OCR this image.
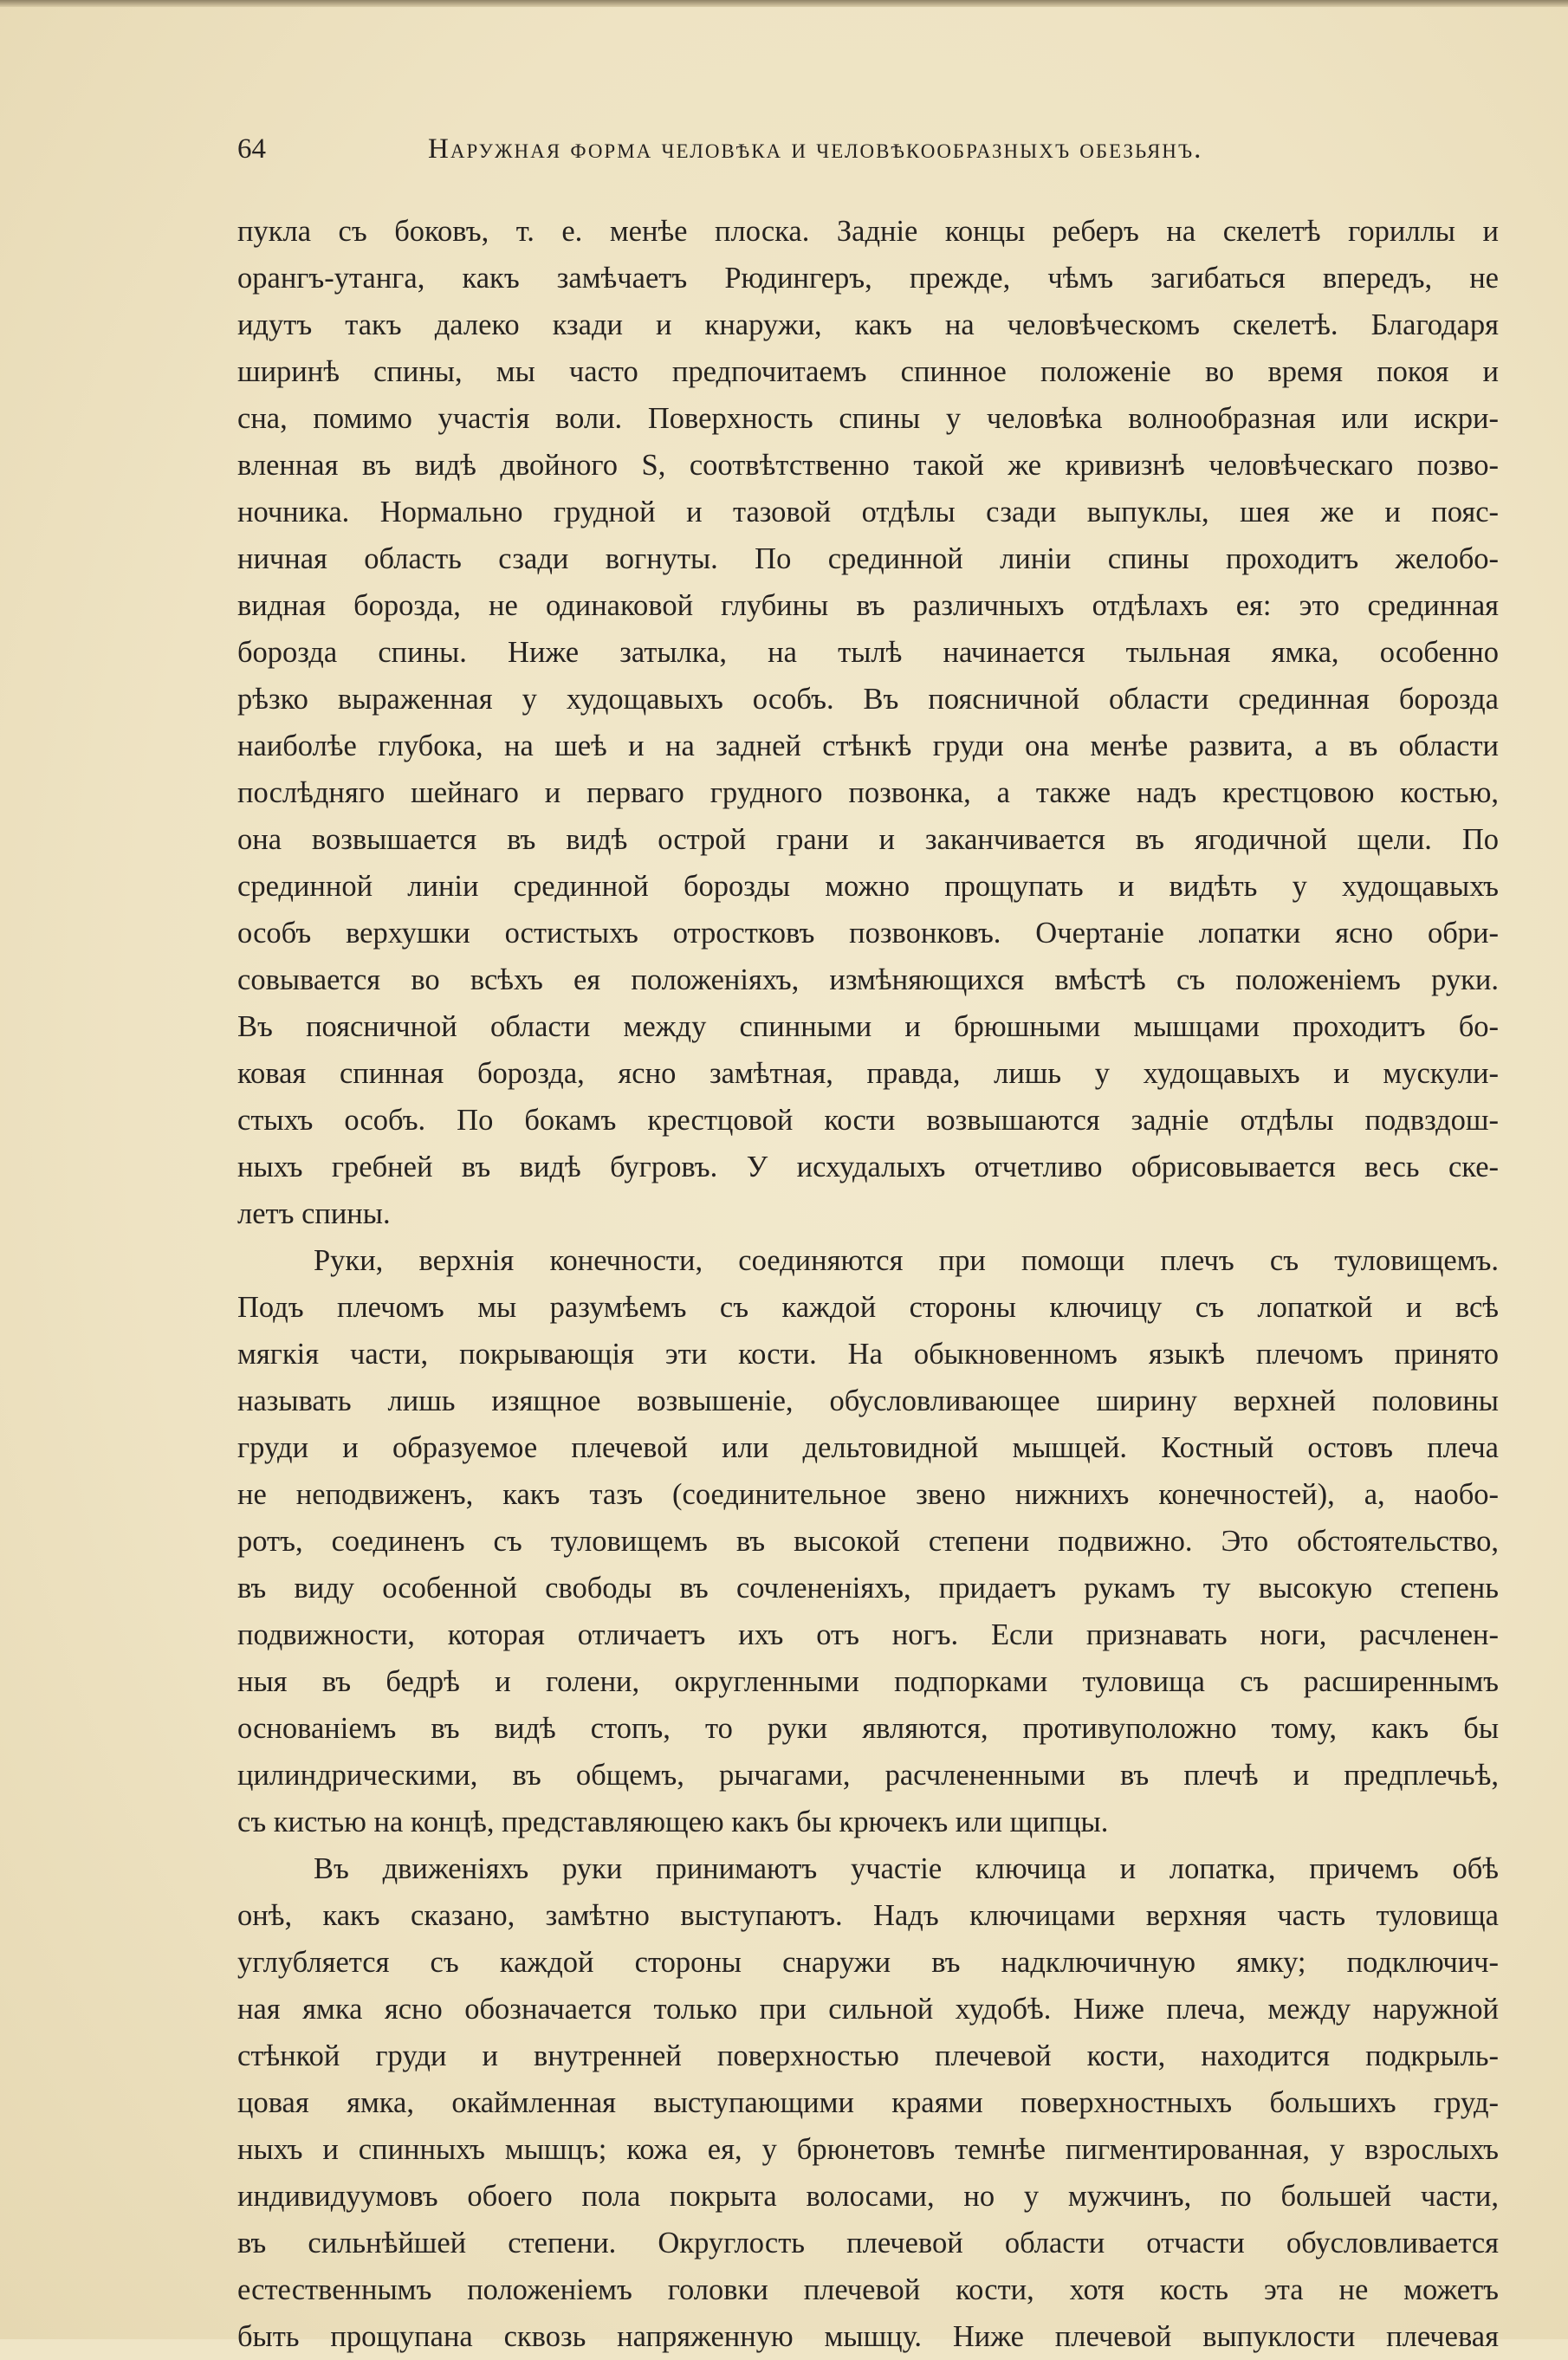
64	Наружная форма человѣка и человѣкообразныхъ обезьянъ.
пукла съ боковъ, т. е. менѣе плоска. Задніе концы реберъ на скелетѣ гориллы и
орангъ-утанга, какъ замѣчаетъ Рюдингеръ, прежде, чѣмъ загибаться впередъ, не
идутъ такъ далеко кзади и кнаружи, какъ на человѣческомъ скелетѣ. Благодаря
ширинѣ спины, мы часто предпочитаемъ спинное положеніе во время покоя и
сна, помимо участія воли. Поверхность спины у человѣка волнообразная или искри-
вленная въ видѣ двойного S, соотвѣтственно такой же кривизнѣ человѣческаго позво-
ночника. Нормально грудной и тазовой отдѣлы сзади выпуклы, шея же и пояс-
ничная область сзади вогнуты. По срединной линіи спины проходитъ желобо-
видная борозда, не одинаковой глубины въ различныхъ отдѣлахъ ея: это срединная
борозда спины. Ниже затылка, на тылѣ начинается тыльная ямка, особенно
рѣзко выраженная у худощавыхъ особъ. Въ поясничной области срединная борозда
наиболѣе глубока, на шеѣ и на задней стѣнкѣ груди она менѣе развита, а въ области
послѣдняго шейнаго и перваго грудного позвонка, а также надъ крестцовою костью,
она возвышается въ видѣ острой грани и заканчивается въ ягодичной щели. По
срединной линіи срединной борозды можно прощупать и видѣть у худощавыхъ
особъ верхушки остистыхъ отростковъ позвонковъ. Очертаніе лопатки ясно обри-
совывается во всѣхъ ея положеніяхъ, измѣняющихся вмѣстѣ съ положеніемъ руки.
Въ поясничной области между спинными и брюшными мышцами проходитъ бо-
ковая спинная борозда, ясно замѣтная, правда, лишь у худощавыхъ и мускули-
стыхъ особъ. По бокамъ крестцовой кости возвышаются задніе отдѣлы подвздош-
ныхъ гребней въ видѣ бугровъ. У исхудалыхъ отчетливо обрисовывается весь ске-
летъ спины.
Руки, верхнія конечности, соединяются при помощи плечъ съ туловищемъ.
Подъ плечомъ мы разумѣемъ съ каждой стороны ключицу съ лопаткой и всѣ
мягкія части, покрывающія эти кости. На обыкновенномъ языкѣ плечомъ принято
называть лишь изящное возвышеніе, обусловливающее ширину верхней половины
груди и образуемое плечевой или дельтовидной мышцей. Костный остовъ плеча
не неподвиженъ, какъ тазъ (соединительное звено нижнихъ конечностей), а, наобо-
ротъ, соединенъ съ туловищемъ въ высокой степени подвижно. Это обстоятельство,
въ виду особенной свободы въ сочлененіяхъ, придаетъ рукамъ ту высокую степень
подвижности, которая отличаетъ ихъ отъ ногъ. Если признавать ноги, расчленен-
ныя въ бедрѣ и голени, округленными подпорками туловища съ расширеннымъ
основаніемъ въ видѣ стопъ, то руки являются, противуположно тому, какъ бы
цилиндрическими, въ общемъ, рычагами, расчлененными въ плечѣ и предплечьѣ,
съ кистью на концѣ, представляющею какъ бы крючекъ или щипцы.
Въ движеніяхъ руки принимаютъ участіе ключица и лопатка, причемъ обѣ
онѣ, какъ сказано, замѣтно выступаютъ. Надъ ключицами верхняя часть туловища
углубляется съ каждой стороны снаружи въ надключичную ямку; подключич-
ная ямка ясно обозначается только при сильной худобѣ. Ниже плеча, между наружной
стѣнкой груди и внутренней поверхностью плечевой кости, находится подкрыль-
цовая ямка, окаймленная выступающими краями поверхностныхъ большихъ груд-
ныхъ и спинныхъ мышцъ; кожа ея, у брюнетовъ темнѣе пигментированная, у взрослыхъ
индивидуумовъ обоего пола покрыта волосами, но у мужчинъ, по большей части,
въ сильнѣйшей степени. Округлость плечевой области отчасти обусловливается
естественнымъ положеніемъ головки плечевой кости, хотя кость эта не можетъ
быть прощупана сквозь напряженную мышцу. Ниже плечевой выпуклости плечевая
